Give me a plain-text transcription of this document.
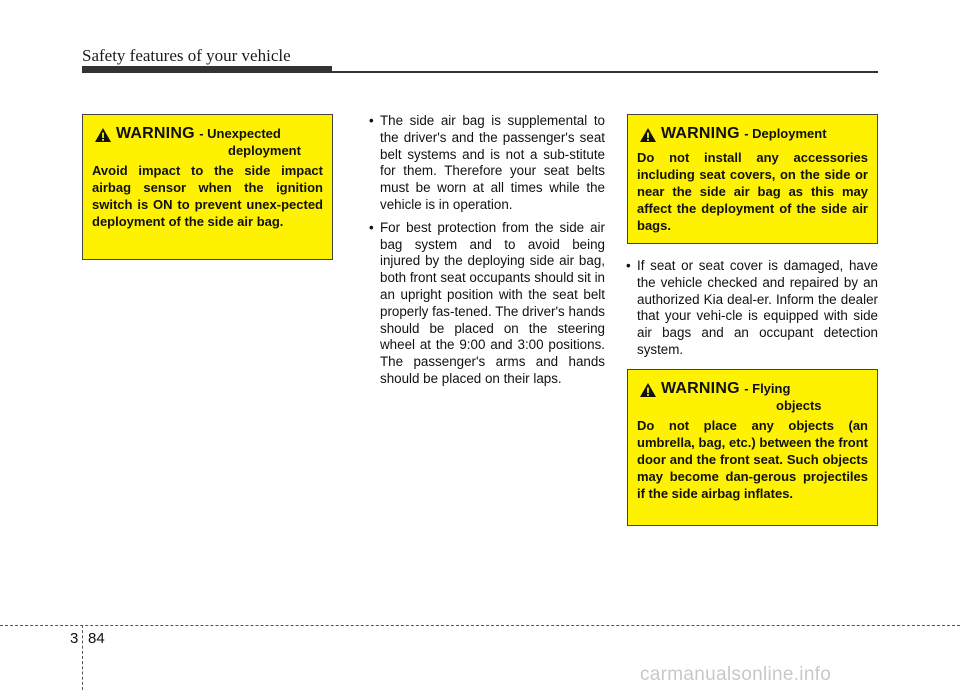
Safety features of your vehicle
WARNING - Unexpected
deployment
Avoid impact to the side impact airbag sensor when the ignition switch is ON to prevent unex-pected deployment of the side air bag.

• The side air bag is supplemental to the driver's and the passenger's seat belt systems and is not a sub-stitute for them. Therefore your seat belts must be worn at all times while the vehicle is in operation.

• For best protection from the side air bag system and to avoid being injured by the deploying side air bag, both front seat occupants should sit in an upright position with the seat belt properly fas-tened. The driver's hands should be placed on the steering wheel at the 9:00 and 3:00 positions. The passenger's arms and hands should be placed on their laps.

WARNING - Deployment
Do not install any accessories including seat covers, on the side or near the side air bag as this may affect the deployment of the side air bags.

• If seat or seat cover is damaged, have the vehicle checked and repaired by an authorized Kia deal-er. Inform the dealer that your vehi-cle is equipped with side air bags and an occupant detection system.

WARNING - Flying
objects
Do not place any objects (an umbrella, bag, etc.) between the front door and the front seat. Such objects may become dan-gerous projectiles if the side airbag inflates.
3 84
carmanualsonline.info
